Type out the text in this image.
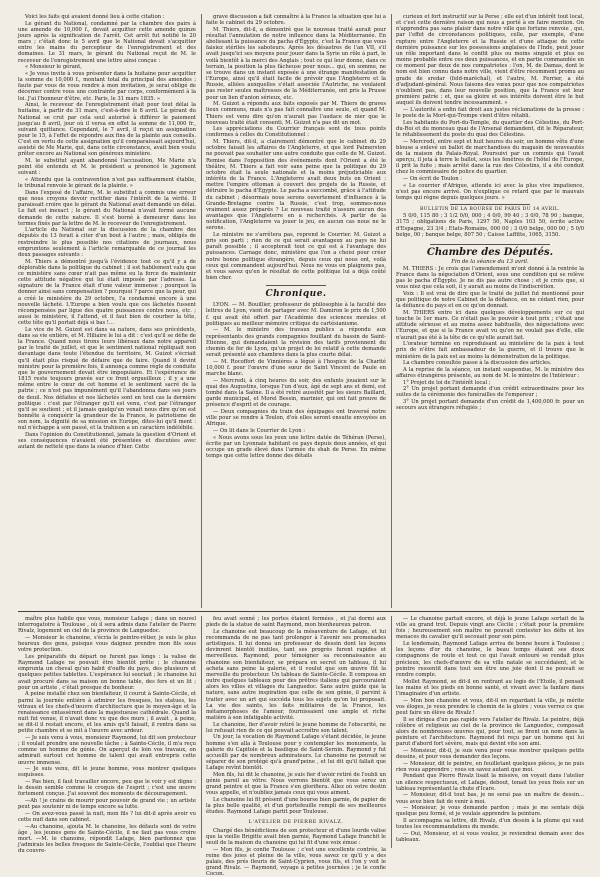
Voici les faits qui avaient donné lieu à cette citation :

Le gérant du National, condamné par la chambre des pairs à une amende de 10,000 f., devait acquitter cette amende quinze jours après la signification de l'arrêt. Cet arrêt fut notifié le 20 mars ; c'était donc le 5 avril que le National devait s'acquitter entre les mains du percepteur de l'enregistrement et des domaines. Le 31 mars, le gérant du National reçut de M. le receveur de l'enregistrement une lettre ainsi conçue :

« Monsieur le gérant,

« Je vous invite à vous présenter dans la huitaine pour acquitter la somme de 10,000 f., montant total du principal des amendes ; faute par vous de vous rendre à mon invitation, je serai obligé de décerner contre vous une contrainte par corps, conformément à la loi. J'ai l'honneur d'être, etc. Paris, le 31 mars 1835. »

Ainsi, le receveur de l'enregistrement était pour tout délai la huitaine, à partir du 31 mars, c'est-à-dire le 8 avril. Le gérant du National se crut par cela seul autorisé à différer le paiement jusqu'au 8 avril, jour où il versa en effet la somme de 11,000 fr., suivant quittance. Cependant, le 7 avril, il reçut un assignation pour le 15, à l'effet de répondre aux fins de la plainte aux conseils. C'est en vertu de cette assignation qu'il comparaissait aujourd'hui, assisté de Me Marie, qui, dans cette circonstance, avait bien voulu prêter encore au National son généreux ministère.

M. le substitut ayant abandonné l'accusation, Me Marie n'a point été entendu et M. le président a prononcé le jugement suivant :

« Attendu que la contravention n'est pas suffisamment établie, le tribunal renvoie le gérant de la plainte. »

Dans l'exposé de l'affaire, M. le substitut a commis une erreur que nous croyons devoir rectifier dans l'intérêt de la vérité. Il paraissait croire que le gérant du National avait demandé un délai. Le fait est inexact ; le gérant du National n'avait formé aucune demande de cette nature. Il s'est borné à demeurer dans les termes fixés par la lettre de M. le receveur de l'enregistrement.

L'article du National sur la discussion de la chambre des députés du 13 ferait à citer d'un bout à l'autre ; mais, obligés de restreindre le plus possible nos citations de journaux, nous empruntons seulement à l'article remarquable de ce journal les deux passages suivants :

M. Thiers a démontré jusqu'à l'évidence tout ce qu'il y a de déplorable dans la politique du cabinet ; il est habilement valu que ce ministère sans cœur n'ait pas même eu la force de maintenir cette attitude négative qui lui était imposée par l'adresse. La signature de la France était d'une valeur immense ; pourquoi la donner ainsi sans compensation ? pourquoi ? parce que la peur, qui a créé le ministère du 29 octobre, l'a condamné encore à une nouvelle lâcheté. L'Europe a bien voulu que ces lâchetés fussent récompensées par ligue des quatre puissances contre nous, etc. ; aussi le ministère, il l'attend, et il faut bien de courber la tête, cette tête qu'il portait déjà si bas !...

Le vice de M. Guizot est dans sa nature, dans ses précédents, dans sa vie entière, et M. Hiliaire le lui a dit : c'est qu'il se défie de la France. Quand nous tirons leurs libéraux dans notre appareil par le traité de juillet, et que le sentiment national répliquait non davantage dans toute l'étendue du territoire, M. Guizot s'écriait qu'il était plus risqué de défaire que de faire. Quand il devint ministre pour la première fois, il annonça comme règle de conduite que le gouvernement devait être impopulaire. Et l'expérience de 1815 reste toujours gravée sur ce front orgueilleux ; il y a une même entre le cœur de cet homme et le sentiment sacré de la patrie ; ce n'est pas impunément qu'il l'abandonna dans ses jours de deuil. Nos défaites et nos lâchetés sont en tout cas la dernière politique : c'est par l'étranger qu'il est venu, c'est par l'étranger qu'il se soutient ; et il jamais quelqu'un venait nous dire qu'on est honnête à conquérir la grandeur de la France, le patriotisme de son nom, la dignité de sa mission en Europe, dites-lui qu'il ment : nul n'échappe à son passé, et la trahison a un caractère indélébile.

Dans l'opinion du Constitutionnel, jamais la question d'Orient et ses conséquences n'avaient été présentées et discutées avec autant de netteté que dans la séance d'hier. Cette

grave discussion a fait connaître à la France la situation que lui a faite le cabinet du 29 octobre.

M. Thiers, dit-il, a démontré que le nouveau traité aurait pour résultat l'annulation de notre influence dans la Méditerranée. En abolissant la puissance du pacha d'Égypte, c'est la France que vous faisiez stériles les saboteurs. Après les désastres de l'an VII, s'il avait jusqu'ici ses moyens pour jouer dans la Syrie un rôle à part, le voilà bientôt à la merci des Anglais ; tout ce qui leur donne, dans ce terrain, la position la plus fâcheuse pour nous... qui, en somme, ne se trouve dans un instant exposée à une étrange manifestation de l'Europe, ainsi qu'il était facile de prévoir que l'Angleterre et la Russie, alliées auxquelles s'était associée l'Autriche, ne voulaient pas rester seules maîtresses de la Méditerranée, ont pris la Prusse pour un lien d'union sérieux, etc.

M. Guizot a répondu aux faits exposés par M. Thiers de graves lieux communs, mais n'a pas fait connaître une seule, et quand M. Thiers est venu dire qu'on n'aurait pas l'audace de nier que le nouveau traité était consenti, M. Guizot n'a pas dit un mot.

Les appréciations du Courrier français sont de tous points conformes à celles du Constitutionnel :

M. Thiers, dit-il, a clairement démontré que le cabinet du 29 octobre faisait les affaires de l'Angleterre, et que lord Palmerston ne pouvait pas souhaiter une autre conduite que celle de M. Guizot. Remise dans l'opposition des événements dont l'Orient a été le théâtre, M. Thiers a fait voir sans peine que la politique du 29 octobre était la seule nationale et la moins préjudiciable aux intérêts de la France. L'Angleterre avait deux buts en Orient : mettre l'empire ottoman à couvert des projets de la Russie, et détruire le pacha d'Égypte. Le pacha a succombé, grâce à l'attitude du cabinet ; désormais nous serons ouvertement d'influence à la Grande-Bretagne contre la Russie, c'est trop, sommes-nous vraiment assez préparés ? Le nouveau traité n'assure aucun des avantages que l'Angleterre en a recherchés. A partir de la notification, l'Angleterre va jouer le jeu, en aucun cas nous ne le serons.

Le ministre ne s'arrêtera pas, reprend le Courrier. M. Guizot a pris son parti ; rien de ce qui serait avantageux au pays ne lui paraît possible ; il accepterait tout ce qui est à l'avantage des puissances. Carnage donc, ministère que l'on a choisi pour créer notre bonne politique étrangère, depuis ceux qui nous ont, voilà ceux qui commandent aujourd'hui. Nous ne vous en plaignons pas, et vous savez qu'en le résultat de cette politique lui a déjà coûté bien cher.

Chronique.

LYON. — M. Bouillier, professeur de philosophie à la faculté des lettres de Lyon, vient de partager avec M. Damiron le prix de 1,500 f. qui avait été offert par l'Académie des sciences morales et politiques au meilleur mémoire critique du cartésianisme.

— M. le ministre des travaux publics a répondu aux représentants des grands compagnies fouillant du bassin de Saint-Étienne, qui demandaient la révision des tarifs proviennent du chemin de fer de Lyon, qu'un projet de loi relatif à cette demande serait présenté aux chambres dans la plus courte délai.

— M. Rocoffort de Vinnières a légué à l'hospice de la Charité 10,000 f. pour l'œuvre d'une sœur de Saint Vincent de Paule en marche blanc.

— Mercredi, à cinq heures du soir, des enfants jouaient sur le quai des Augustins, lorsque l'un d'eux, âgé de sept ans et demi, est tombé dans la Saône. Il a été retiré aussitôt par les sieurs Baillard, garde municipal, et Morel Bessin, marinier, qui ont fait preuve de présence d'esprit et de courage.

— Deux compagnies du train des équipages ont traversé notre ville pour se rendre à Toulon, d'où elles seront ensuite envoyées en Afrique.

— On lit dans le Courrier de Lyon :

« Nous avons sous les yeux une lettre datée de Téhéran (Perse), écrite par un Lyonnais habitant ce pays depuis deux années, et qui occupe un grade élevé dans l'armée du shah de Perse. En même temps que cette lettre donne des détails

curieux et fort instructif sur la Perse ; elle est d'un intérêt tout local, et c'est cette dernière raison qui nous a porté à en faire mention. On n'apprendra pas sans plaisir dans notre ville que fortune renvoie , qui, par l'effet de circonstances politiques, celle, par exemple, d'une rupture entre l'Angleterre et la Russie et d'une attaque de cette dernière puissance sur les possessions anglaises de l'Inde, peut jouer un rôle important dans le conflit plus ou moins singulé et plus ou moins probable entre ces deux puissances, et en partie commandée en ce moment par deux de nos compatriotes : l'on, M. de Damas, dont le nom est bien connu dans notre ville, vient d'être récemment promu au grade de sredar (feld-maréchal), et l'autre, M. Ferrier, a été d'adjudant-général. Nous faisons des vœux pour que nos compatriotes n'oublient pas, dans leur nouvelle position, que la France est leur première patrie ; et, que sa gloire et ses intérêts doivent être le but auquel ils doivent tendre incessamment. »

— L'autorité a enfin fait droit aux justes réclamations de la presse : le poste de la Mort-qui-Trompe vient d'être rétabli.

Les habitants du Port-du-Temple, du quartier des Célestins, du Port-du-Roi et du monceau quai de l'Arsenal demandent, dit le Réparateur, le rétablissement du poste du quai des Célestins.

— Mercredi, entre sept et huit heures du soir, un homme vêtu d'une blouse a enlevé un ballot de marchandises du magasin de nouveautés de la maison du Palais-Royal. Poursuivi par un commis qui l'avait aperçu, il jeta à terre le ballot, sous les fenêtres de l'hôtel de l'Europe, il prit la fuite ; mais arrêté dans la rue des Célestins, il a été conduit chez le commissaire de police du quartier.

— On écrit de Toulon :

« Le courrier d'Afrique, attendu ici avec la plus vive impatience, n'est pas encore arrivé. On n'explique ce retard que par le mauvais temps qui règne depuis quelques jours. »

BULLETIN DE LA BOURSE DE PARIS DU 14 AVRIL.

5 0/0, 115 80 ; 3 1/2 0/0, 000 ; 4 0/0, 99 40 ; 3 0/0, 78 90 ; banque, 3175 ; obligations de Paris, 1297 50, Naples 103 50, écrite active d'Espagne, 23 3/4 ; Etats-Romains, 000 00 ; 3 0/0 belge, 000 00 ; 5 0/0 belge, 00 ; banque belge, 807 50 ; Caisse Laffitte, 1065, 3150.

Chambre des Députés.
Fin de la séance du 13 avril.

M. THIERS : Je crois que l'amendement m'ont donné à la rentrée la France dans la négociation d'Orient, sous une condition qui se relève pas le pacha d'Égypte. Je ne dis pas autre chose ; et je crois que, si vous niez que cela soit, il y aurait au moins de l'indiscrétion.

Voix : Il est vrai de dire que le traité de juillet fut mentionné pour que politique de notre Cabinet de la défiance, en ne cédant rien, pour la défiance du pays et en ce qu'on donnait.

M. THIERS entre ici dans quelques développements sur ce qui touche le 1er mars. Ce n'était pas le pouvoir à tout prix ; c'était une attitude sérieuse et au moins assez habituelle, des négociations avec l'Europe, et que si la France avait vu qu'on ne voulait pas d'elle, elle n'aurait pas été à la tête de ce qu'elle aurait fait.

L'orateur termine en reproduisant au ministère de la paix à tout prix de n'être fait ambassadeur de la guerre, et il trouve que le ministère de la paix est au moins la démonstration de la politique.

La chambre consultée passe à la discussion des articles.

A la reprise de la séance, un instant suspendue, M. le ministre des affaires étrangères présente, au nom de M. le ministre de l'intérieur :

1° Projet de loi de l'intérêt local ;

2° Un projet portant demande d'un crédit extraordinaire pour les suites de la cérémonie des funérailles de l'empereur ;

3° Un projet portant demande d'un crédit de 1,400,000 fr. pour un secours aux étrangers réfugiés ;

maître plus habile que vous, monsieur Lafage ; dans un nouvel interrogatoire à Toulouse , où il sera admis dans l'atelier de Pierre Rivalz, logement un ciel de la province de Languedoc.

— Monsieur le chanoine, s'écria le peintre-rétier, je suis le plus heureux des gens, puisque vous daignez prendre mon fils sous votre protection.

Les préparatifs du départ ne furent pas longs : la valise de Raymond Lafage ne pouvait être bientôt prête ; le chanoine emprunta un cheval qu'un habit d'ouffe du pays, des plusieurs et quelques petites tablettes. L'espérance lui souriait ; le chanoine lui avait procuré dans sa maison un bonne table, des fers et un lit ; pour un artiste , c'était presque du bonheur.

À peine installé chez son bienfaiteur, il courut à Sainte-Cécile, et parmi la journée entière à admirer les fresques, les statues, les vitraux et les chefs-d'œuvre d'architecture que le moyen-âge et la renaissance entassèrent dans la majestueuse cathédrale. Quand la nuit fut venue, il n'avait donc vu que des murs ; il avait , à peine, se dit-il il restait encore, et les amis qu'il faisait, il rentra dans sa petite chambre et se mit à l'œuvre avec ardeur.

— Je suis venu à vous, monsieur Raymond, lui dit son protecteur ; il voulait prendre une nouvelle tâche ; à Sainte-Cécile, il m'a reçu comme un homme de génie. On aperçut de loin vos travaux, on admirait surtout cet homme de talent qui avait entrepris cette œuvre immense.

— Je suis venu, dit le jeune homme, vous montrer quelques esquisses.

— Pas bien, il faut travailler encore, peu que le voir y est digne : le dessin semble comme le croquis de l'esprit ; c'est une œuvre fortement conçue. J'ai souvent des moments de découragement.

—Ah ! je crains de mourir pour pouvoir de grand vie ; un artiste peut pas soutenir ni de temps encore sa lutte.

— On avez-vous passé la nuit, mon fils ? lui dit-il après avoir vu cette nuit dans son cabinet.

—Au chanoine, ajouta M. le chanoine, les défauts sont de votre âge , les jeunes gens de Sainte-Cécile, il ne faut pas vous croire mort. —M. le chanoine, répondit Lafage, bien pardonnez que j'admirais les belles fresques de Sainte-Cécile, l'oubliai que l'heure du couvre-

feu avait sonné ; les portes étaient fermées , et j'ai dormi aux pieds de la statue de saint Raymond, mon bienheureux patron.

Le chanoine eut beaucoup de la mésaventure de Lafage, et lui recommanda de ne pas tant prolonger à l'avenir ses promenades artistiques. Il lui donna un professeur de dessin dont les leçons devinrent bientôt inutiles, tant ses progrès furent rapides et merveilleux. Raymond, pour témoigner sa reconnaissance au chanoine son bienfaiteur, se prépara en secret un tableau, il lui acheta sans peine la galerie, et il voulut que son œuvre fût la merveille du protecteur. Un tableau de Sainte-Cécile. Il composa en outre quelques tableaux pour des prêtres italiens qui parcouraient alors les villes et villages du Languedoc. Sans autre guide que la nature, sans autre inspiration que celle de son génie, il parvint à traiter avec un art qui succéda tous les sujets qu'on lui proposait. La vie des saints, les faits militaires de la France, les métamorphoses de l'amour, fournissaient une ample et riche matière à son infatigable activité.

Le chanoine, fier d'avoir retiré le jeune homme de l'obscurité, ne lui refusait rien de ce qui pouvait accroître son talent.

Un jour, la vocation de Raymond Lafage s'étant décidée, le jeune homme s'en alla à Toulouse pour y contempler les monuments, la galerie du Capitole et la basilique de Saint-Sernin. Raymond y fut accueilli par de nombreux admirateurs. Le chanoine ne pouvait se séparer de son protégé qu'à grand'peine , et lui dit qu'il fallait que Lafage revînt bientôt.

Mon fils, lui dit le chanoine, je suis fier d'avoir retiré de l'oubli un génie pareil au vôtre. Nous verrons bientôt que vous serez un grand peintre et que la France s'en glorifiera. Allez où votre destin vous appelle, et n'oubliez jamais ceux qui vous aiment.

Le chanoine lui fit présent d'une bourse bien garnie, de papier de la plus belle qualité, et d'un portefeuille rempli de ses meilleures études. Raymond Lafage partit pour Toulouse.

L'ATELIER DE PIERRE RIVALZ.

Chargé des bénédictions de son protecteur et d'une lourde valise que la vieille Brigitte avait bien garnie, Raymond Lafage franchit le seuil de la maison du chanoine qui lui fit d'une voix émue :

— Mon fils, je confie Toulouse ; c'est une excellente contrée, la reine des joies et pleine de la ville, vous savez ce qu'il y a des palais, des prés fleuris de Saint-Cyprien, vous fils, et l'on y voit le grand Rivalz. — Raymond, voyage à petites journées ; je le confie Cocon.

— Le chanoine partait encore, et déjà le jeune Lafage sortait de la ville au grand trot. Depuis vingt ans Cécile ; c'était pour la première fois ; heureusement son maître ne pouvait contester les défis et les menaces du cavalier qu'il secouait pour son père.

Le lendemain, Raymond Lafage arriva de bonne heure à Toulouse ; les leçons d'or du chanoine, le beau temps étaient ses doux compagnons de route et tout ce qui l'avait entouré se rendait plus précieux, les chefs-d'œuvre de sa ville natale se succédaient, et le peintre ressentit dans tout son être une joie dont il ne pouvait se rendre compte.

Mollet Raymond, se dit-il en rentrant au logis de l'Etoile, il pensait les mains et les pieds en bonne santé, et vivant avec la fanfare dans l'imaginaire d'un artiste.

— Mon bon chanoine et vous, dit-il en regardant la ville, je mérite vos éloges, je veux prendre le chemin de la gloire ; vous verrez ce que peut faire un élève de Rivalz !

Il se dirigea d'un pas rapide vers l'atelier de Rivalz. Le peintre, déjà célèbre et religieux au ciel de la province de Languedoc, composait alors de nombreuses œuvres qui, pour tout, se firent un nom dans la peinture et l'architecture. Raymond fut reçu par un homme qui lui parut d'abord fort sévère, mais qui devint vite son ami.

— Monsieur, dit-il, je suis venu pour vous montrer quelques petits dessins, et pour vous demander des leçons.

— Monsieur, dit le peintre, en feuilletant quelques pièces, je ne puis rien vous apprendre ; vous en savez autant que moi.

Pendant que Pierre Rivalz lisait la missive, on voyait dans l'atelier un silence respectueux, et Lafage, debout, tenait les yeux fixés sur un tableau représentant la chute d'Icare.

— Monsieur, dit-il tout bas, je ne serai pas un maître de dessin... vous avez bien fait de venir à moi.

— Monsieur, je vous demande pardon ; mais je me sentais déjà quelque peu formé, et je voulais apprendre la peinture.

Il accompagna sa lettre, dit Rivalz, d'un dessin à la plume qui vaut toutes les recommandations du monde.

— Oui, Monsieur, et si vous voulez, je reviendrai demain avec des tableaux.
